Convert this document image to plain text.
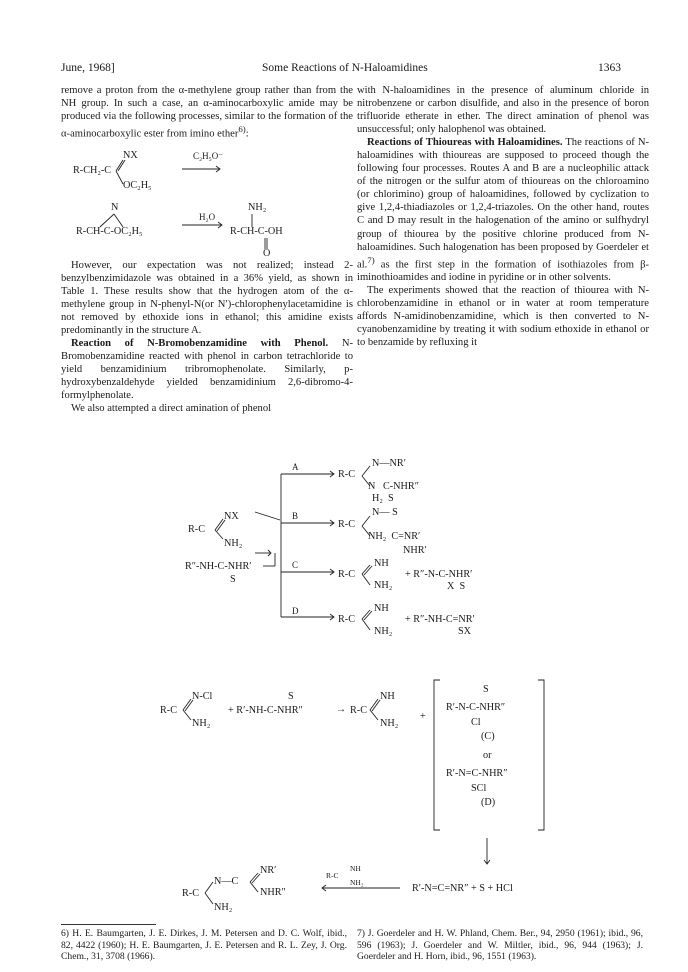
June, 1968]	Some Reactions of N-Haloamidines	1363

remove a proton from the α-methylene group rather than from the NH group. In such a case, an α-aminocarboxylic amide may be produced via the following processes, similar to the formation of the α-aminocarboxylic ester from imino ether$^{6)}$:

However, our expectation was not realized; instead 2-benzylbenzimidazole was obtained in a 36% yield, as shown in Table 1. These results show that the hydrogen atom of the α-methylene group in N-phenyl-N(or N′)-chlorophenylacetamidine is not removed by ethoxide ions in ethanol; this amidine exists predominantly in the structure A.

Reaction of N-Bromobenzamidine with Phenol. N-Bromobenzamidine reacted with phenol in carbon tetrachloride to yield benzamidinium tribromophenolate. Similarly, p-hydroxybenzaldehyde yielded benzamidinium 2,6-dibromo-4-formylphenolate.

We also attempted a direct amination of phenol

NX
R-CH₂-C
OC₂H₅
C₂H₅O⁻
N	NH₂
R-CH-C-OC₂H₅
H₂O
R-CH-C-OH
O

with N-haloamidines in the presence of aluminum chloride in nitrobenzene or carbon disulfide, and also in the presence of boron trifluoride etherate in ether. The direct amination of phenol was unsuccessful; only halophenol was obtained.

Reactions of Thioureas with Haloamidines. The reactions of N-haloamidines with thioureas are supposed to proceed though the following four processes. Routes A and B are a nucleophilic attack of the nitrogen or the sulfur atom of thioureas on the chloroamino (or chlorimino) group of haloamidines, followed by cyclization to give 1,2,4-thiadiazoles or 1,2,4-triazoles. On the other hand, routes C and D may result in the halogenation of the amino or sulfhydryl group of thiourea by the positive chlorine produced from N-haloamidines. Such halogenation has been proposed by Goerdeler et al.$^{7)}$ as the first step in the formation of isothiazoles from β-iminothioamides and iodine in pyridine or in other solvents.

The experiments showed that the reaction of thiourea with N-chlorobenzamidine in ethanol or in water at room temperature affords N-amidinobenzamidine, which is then converted to N-cyanobenzamidine by treating it with sodium ethoxide in ethanol or to benzamide by refluxing it

NX
R-C
NH₂
R″-NH-C-NHR′
S
A
B
C
D
N—NR′
R-C
N   C-NHR″
H₂  S
N— S
R-C
NH₂  C=NR′
NHR′
NH
R-C
NH₂
+ R″-N-C-NHR′
X  S
NH
R-C
NH₂
+ R″-NH-C=NR′
SX
N-Cl
R-C
NH₂
S
+ R′-NH-C-NHR″	→ R-C
NH
NH₂
+
S
R′-N-C-NHR″
Cl
(C)
or
R′-N=C-NHR″
SCl
(D)
NR′
N—C
R-C	NHR″
NH₂
R-C
NH
NH₂
R′-N=C=NR″ + S + HCl
6) H. E. Baumgarten, J. E. Dirkes, J. M. Petersen and D. C. Wolf, ibid., 82, 4422 (1960); H. E. Baumgarten, J. E. Petersen and R. L. Zey, J. Org. Chem., 31, 3708 (1966).
7) J. Goerdeler and H. W. Phland, Chem. Ber., 94, 2950 (1961); ibid., 96, 596 (1963); J. Goerdeler and W. Miltler, ibid., 96, 944 (1963); J. Goerdeler and H. Horn, ibid., 96, 1551 (1963).
